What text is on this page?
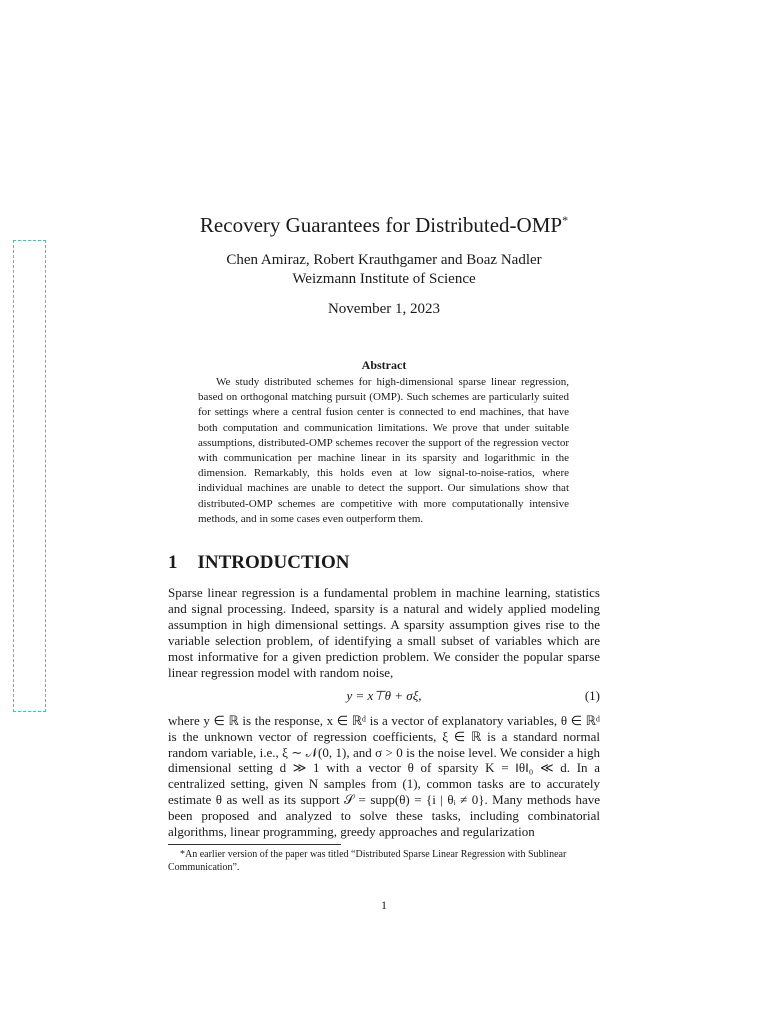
Recovery Guarantees for Distributed-OMP*
Chen Amiraz, Robert Krauthgamer and Boaz Nadler
Weizmann Institute of Science
November 1, 2023
Abstract
We study distributed schemes for high-dimensional sparse linear regression, based on orthogonal matching pursuit (OMP). Such schemes are particularly suited for settings where a central fusion center is connected to end machines, that have both computation and communication limitations. We prove that under suitable assumptions, distributed-OMP schemes recover the support of the regression vector with communication per machine linear in its sparsity and logarithmic in the dimension. Remarkably, this holds even at low signal-to-noise-ratios, where individual machines are unable to detect the support. Our simulations show that distributed-OMP schemes are competitive with more computationally intensive methods, and in some cases even outperform them.
1 INTRODUCTION
Sparse linear regression is a fundamental problem in machine learning, statistics and signal processing. Indeed, sparsity is a natural and widely applied modeling assumption in high dimensional settings. A sparsity assumption gives rise to the variable selection problem, of identifying a small subset of variables which are most informative for a given prediction problem. We consider the popular sparse linear regression model with random noise,
y = x⊤θ + σξ,	(1)
where y ∈ ℝ is the response, x ∈ ℝᵈ is a vector of explanatory variables, θ ∈ ℝᵈ is the unknown vector of regression coefficients, ξ ∈ ℝ is a standard normal random variable, i.e., ξ ∼ 𝒩(0, 1), and σ > 0 is the noise level. We consider a high dimensional setting d ≫ 1 with a vector θ of sparsity K = ‖θ‖₀ ≪ d. In a centralized setting, given N samples from (1), common tasks are to accurately estimate θ as well as its support 𝒮 = supp(θ) = {i | θᵢ ≠ 0}. Many methods have been proposed and analyzed to solve these tasks, including combinatorial algorithms, linear programming, greedy approaches and regularization
*An earlier version of the paper was titled “Distributed Sparse Linear Regression with Sublinear Communication”.
1
